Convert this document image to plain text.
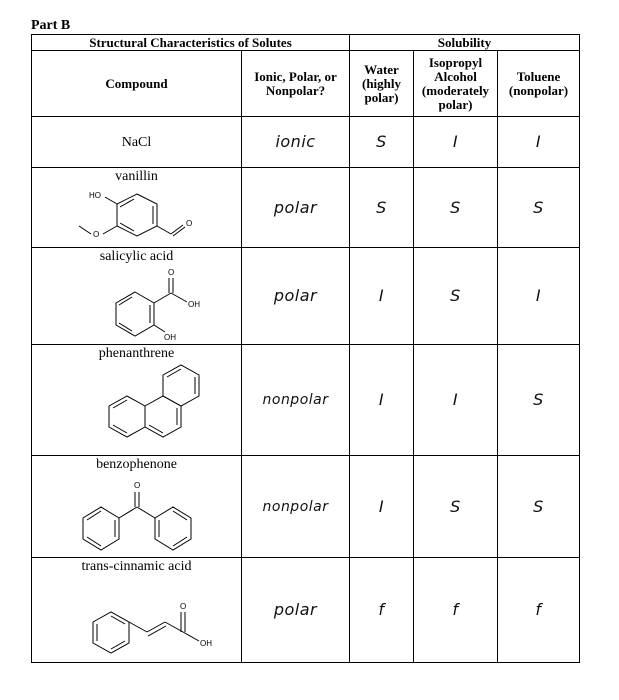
Part B
Structural Characteristics of Solutes		Solubility		
Compound	Ionic, Polar, or Nonpolar?	Water (highly polar)	Isopropyl Alcohol (moderately polar)	Toluene (nonpolar)
NaCl	ionic	S	I	I

vanillin
HO
O
O	polar	S	S	S

salicylic acid
O
OH
OH	polar	I	S	I

phenanthrene	nonpolar	I	I	S

benzophenone
O	nonpolar	I	S	S

trans-cinnamic acid
O
OH	polar	f	f	f
